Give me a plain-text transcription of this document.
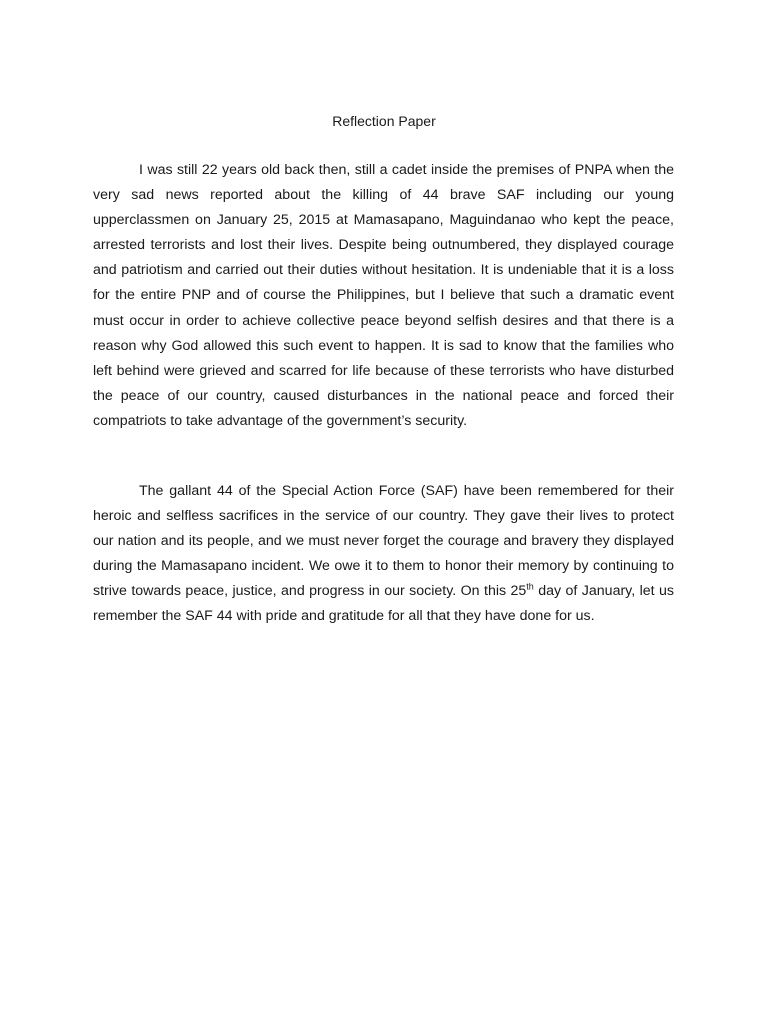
Reflection Paper

I was still 22 years old back then, still a cadet inside the premises of PNPA when the very sad news reported about the killing of 44 brave SAF including our young upperclassmen on January 25, 2015 at Mamasapano, Maguindanao who kept the peace, arrested terrorists and lost their lives. Despite being outnumbered, they displayed courage and patriotism and carried out their duties without hesitation. It is undeniable that it is a loss for the entire PNP and of course the Philippines, but I believe that such a dramatic event must occur in order to achieve collective peace beyond selfish desires and that there is a reason why God allowed this such event to happen. It is sad to know that the families who left behind were grieved and scarred for life because of these terrorists who have disturbed the peace of our country, caused disturbances in the national peace and forced their compatriots to take advantage of the government’s security.

The gallant 44 of the Special Action Force (SAF) have been remembered for their heroic and selfless sacrifices in the service of our country. They gave their lives to protect our nation and its people, and we must never forget the courage and bravery they displayed during the Mamasapano incident. We owe it to them to honor their memory by continuing to strive towards peace, justice, and progress in our society. On this 25th day of January, let us remember the SAF 44 with pride and gratitude for all that they have done for us.
